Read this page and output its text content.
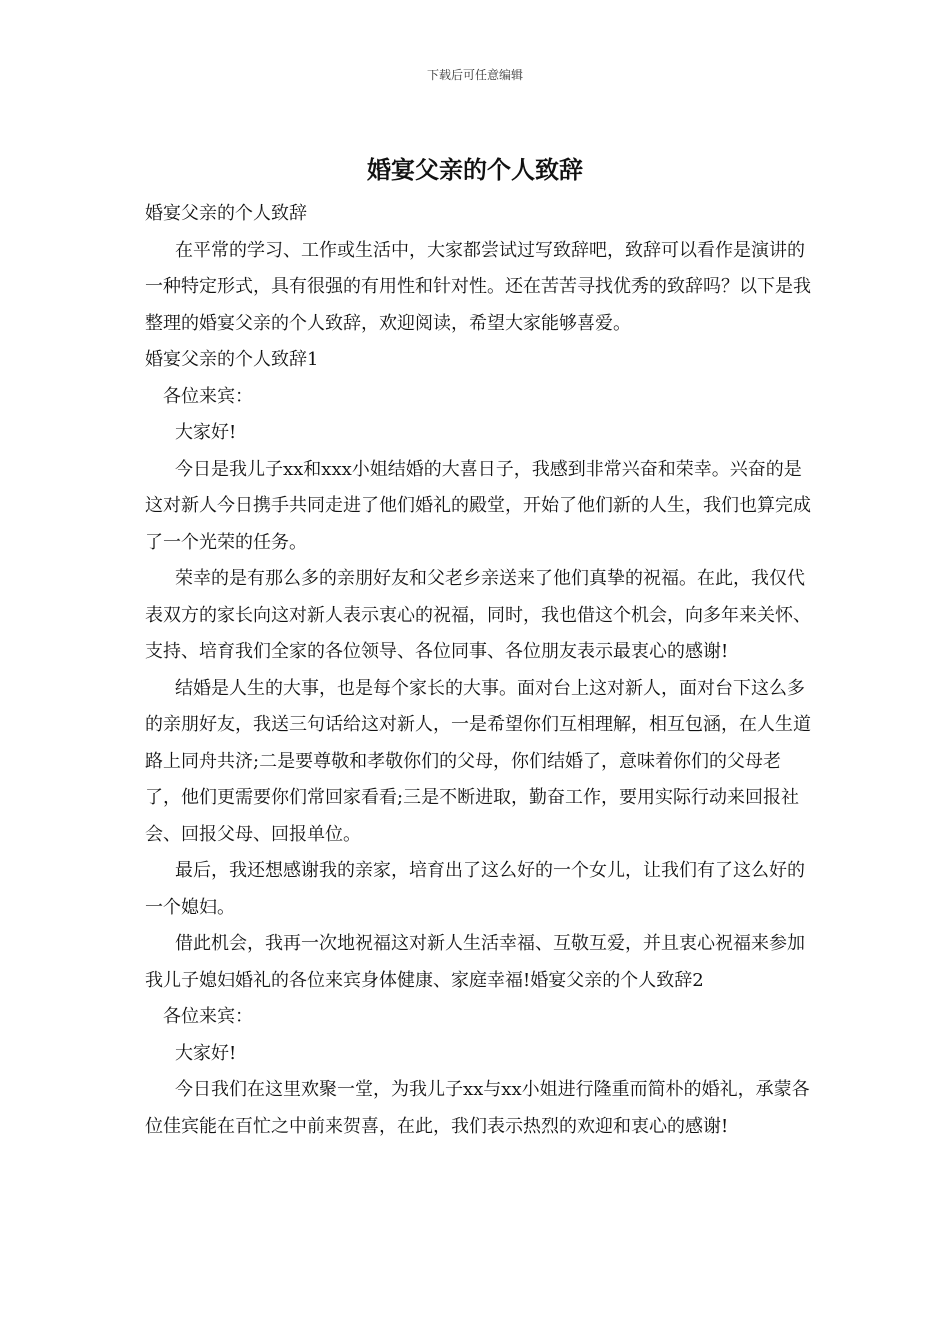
下载后可任意编辑
婚宴父亲的个人致辞

婚宴父亲的个人致辞

在平常的学习、工作或生活中，大家都尝试过写致辞吧，致辞可以看作是演讲的一种特定形式，具有很强的有用性和针对性。还在苦苦寻找优秀的致辞吗？以下是我整理的婚宴父亲的个人致辞，欢迎阅读，希望大家能够喜爱。

婚宴父亲的个人致辞1

各位来宾：

大家好!

今日是我儿子xx和xxx小姐结婚的大喜日子，我感到非常兴奋和荣幸。兴奋的是这对新人今日携手共同走进了他们婚礼的殿堂，开始了他们新的人生，我们也算完成了一个光荣的任务。

荣幸的是有那么多的亲朋好友和父老乡亲送来了他们真挚的祝福。在此，我仅代表双方的家长向这对新人表示衷心的祝福，同时，我也借这个机会，向多年来关怀、支持、培育我们全家的各位领导、各位同事、各位朋友表示最衷心的感谢!

结婚是人生的大事，也是每个家长的大事。面对台上这对新人，面对台下这么多的亲朋好友，我送三句话给这对新人，一是希望你们互相理解，相互包涵，在人生道路上同舟共济;二是要尊敬和孝敬你们的父母，你们结婚了，意味着你们的父母老了，他们更需要你们常回家看看;三是不断进取，勤奋工作，要用实际行动来回报社会、回报父母、回报单位。

最后，我还想感谢我的亲家，培育出了这么好的一个女儿，让我们有了这么好的一个媳妇。

借此机会，我再一次地祝福这对新人生活幸福、互敬互爱，并且衷心祝福来参加我儿子媳妇婚礼的各位来宾身体健康、家庭幸福!婚宴父亲的个人致辞2

各位来宾：

大家好!

今日我们在这里欢聚一堂，为我儿子xx与xx小姐进行隆重而简朴的婚礼，承蒙各位佳宾能在百忙之中前来贺喜，在此，我们表示热烈的欢迎和衷心的感谢!
